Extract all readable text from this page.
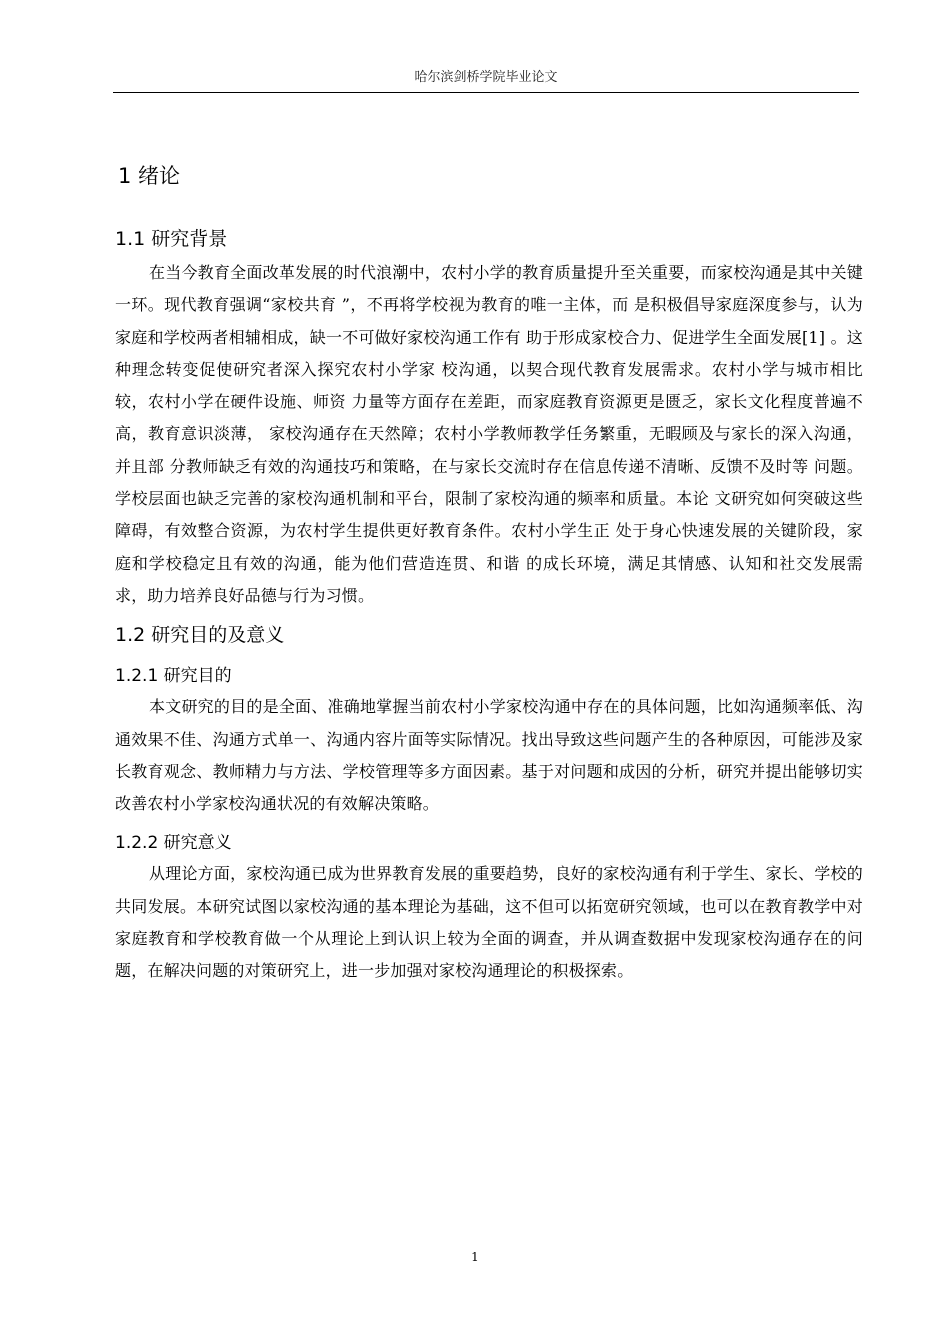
哈尔滨剑桥学院毕业论文
1 绪论
1.1 研究背景

在当今教育全面改革发展的时代浪潮中，农村小学的教育质量提升至关重要，而家校沟通是其中关键一环。现代教育强调“家校共育 ”，不再将学校视为教育的唯一主体，而 是积极倡导家庭深度参与，认为家庭和学校两者相辅相成，缺一不可做好家校沟通工作有 助于形成家校合力、促进学生全面发展[1] 。这种理念转变促使研究者深入探究农村小学家 校沟通，以契合现代教育发展需求。农村小学与城市相比较，农村小学在硬件设施、师资 力量等方面存在差距，而家庭教育资源更是匮乏，家长文化程度普遍不高，教育意识淡薄， 家校沟通存在天然障；农村小学教师教学任务繁重，无暇顾及与家长的深入沟通，并且部 分教师缺乏有效的沟通技巧和策略，在与家长交流时存在信息传递不清晰、反馈不及时等 问题。学校层面也缺乏完善的家校沟通机制和平台，限制了家校沟通的频率和质量。本论 文研究如何突破这些障碍，有效整合资源，为农村学生提供更好教育条件。农村小学生正 处于身心快速发展的关键阶段，家庭和学校稳定且有效的沟通，能为他们营造连贯、和谐 的成长环境，满足其情感、认知和社交发展需求，助力培养良好品德与行为习惯。

1.2 研究目的及意义
1.2.1 研究目的

本文研究的目的是全面、准确地掌握当前农村小学家校沟通中存在的具体问题，比如沟通频率低、沟通效果不佳、沟通方式单一、沟通内容片面等实际情况。找出导致这些问题产生的各种原因，可能涉及家长教育观念、教师精力与方法、学校管理等多方面因素。基于对问题和成因的分析，研究并提出能够切实改善农村小学家校沟通状况的有效解决策略。

1.2.2 研究意义

从理论方面，家校沟通已成为世界教育发展的重要趋势，良好的家校沟通有利于学生、家长、学校的共同发展。本研究试图以家校沟通的基本理论为基础，这不但可以拓宽研究领域，也可以在教育教学中对家庭教育和学校教育做一个从理论上到认识上较为全面的调查，并从调查数据中发现家校沟通存在的问题，在解决问题的对策研究上，进一步加强对家校沟通理论的积极探索。

1
